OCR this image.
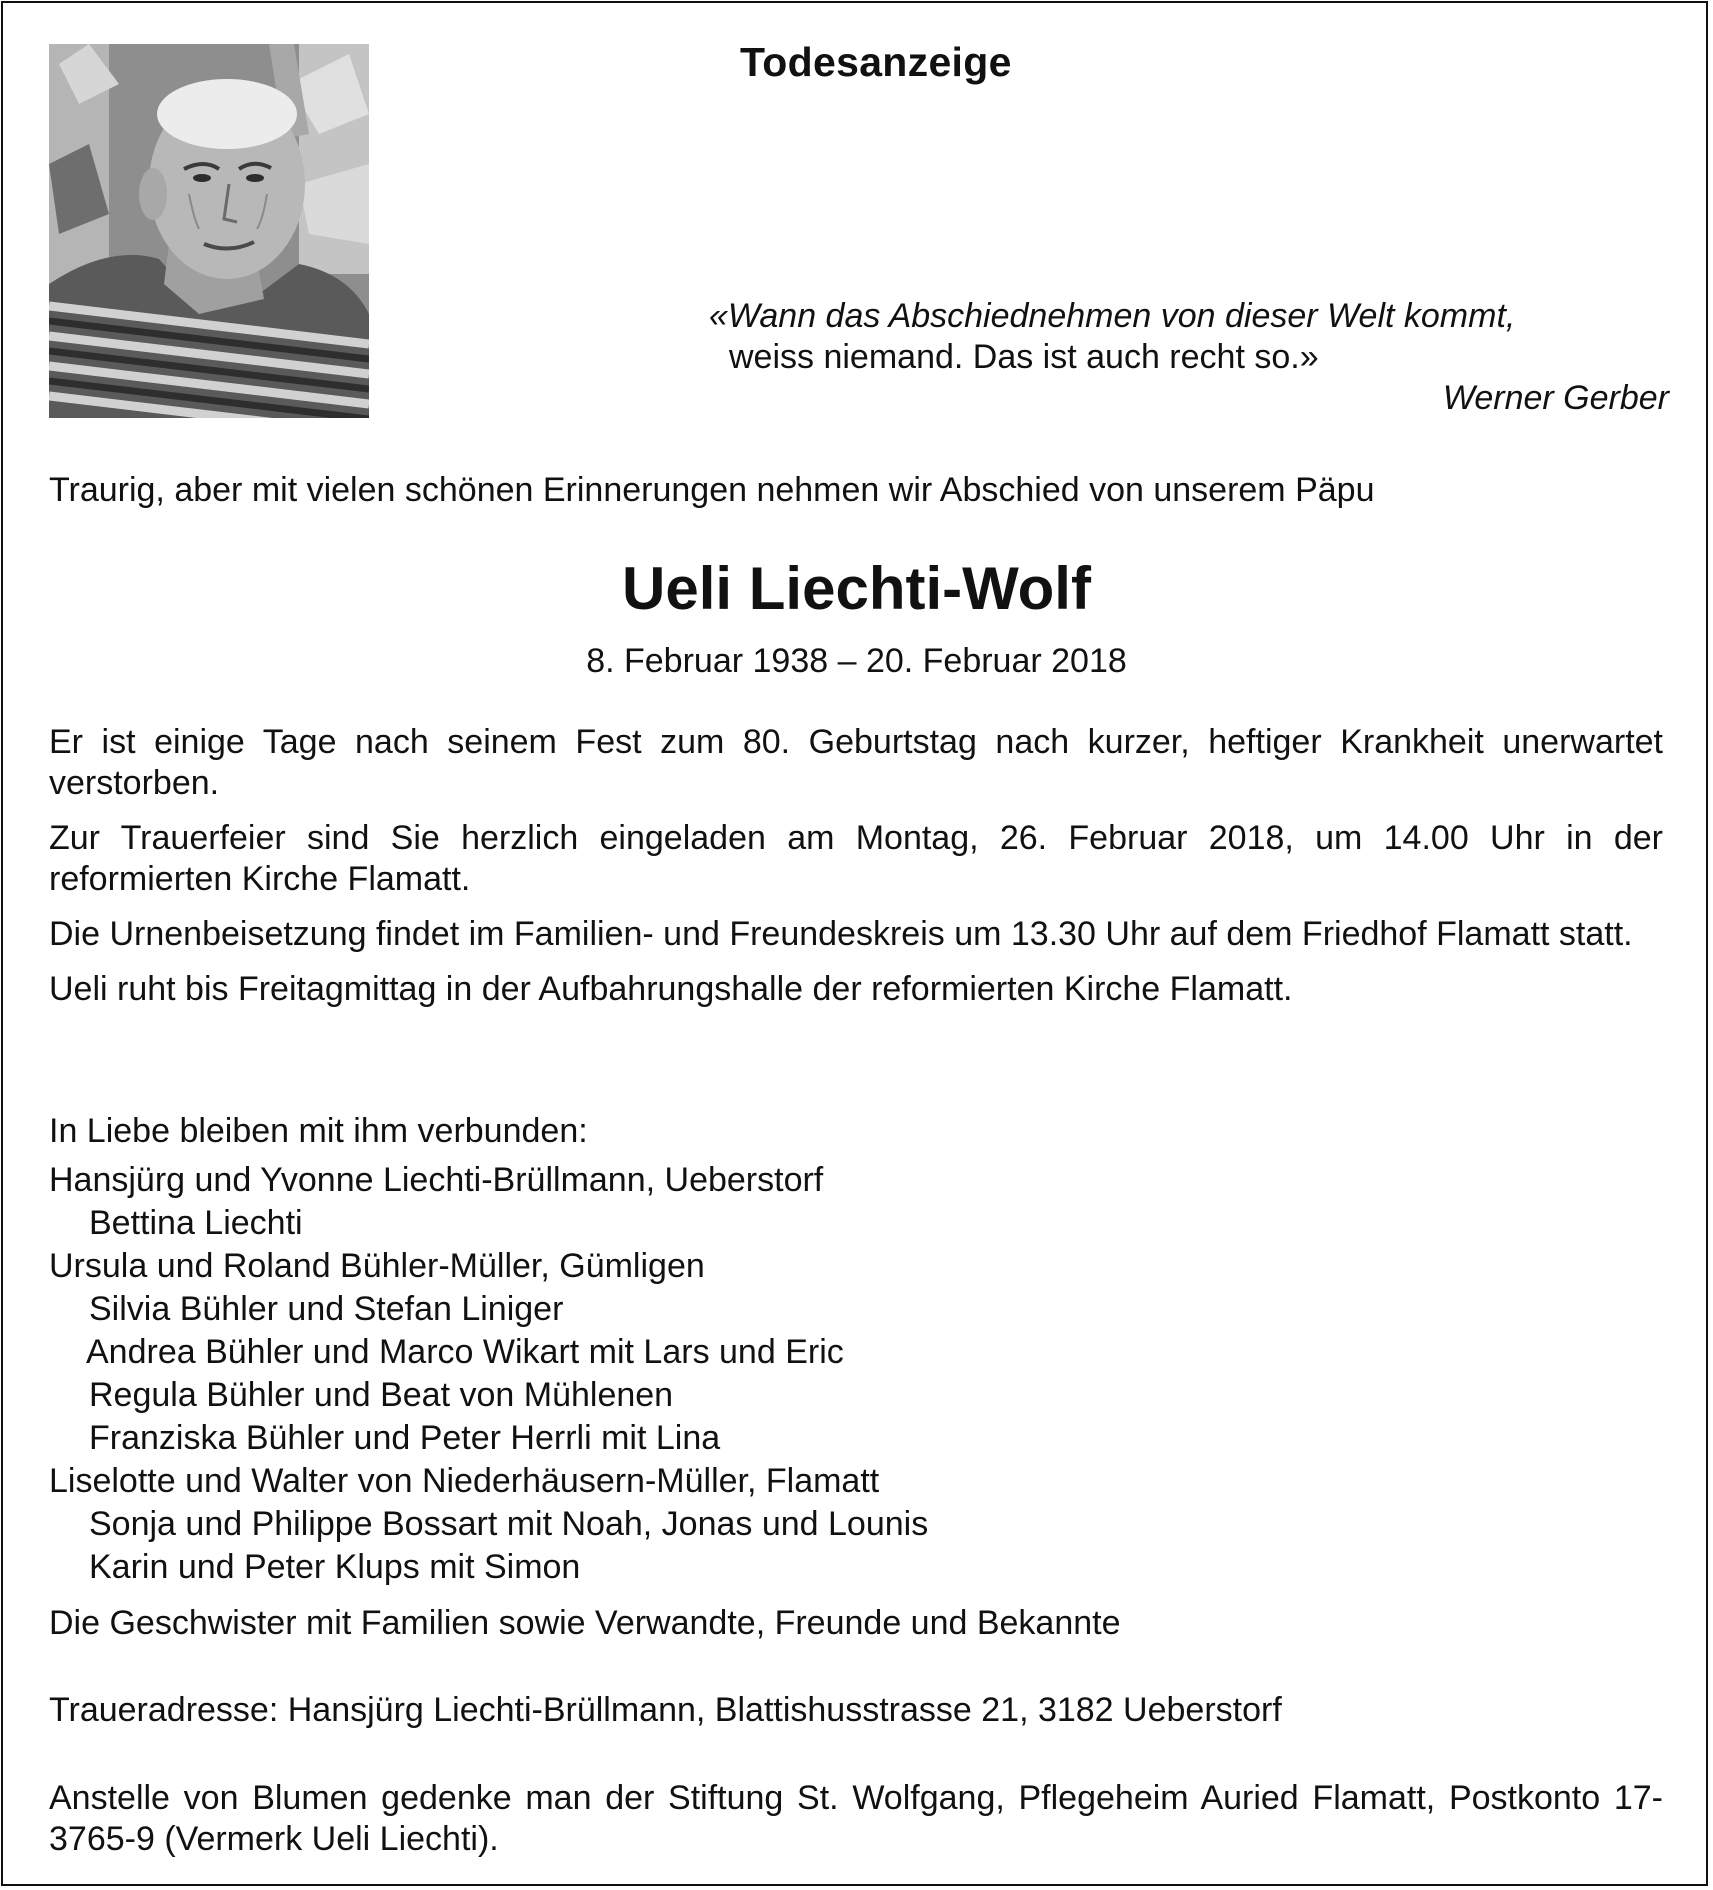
Todesanzeige
«Wann das Abschiednehmen von dieser Welt kommt,
weiss niemand. Das ist auch recht so.»
Werner Gerber
Traurig, aber mit vielen schönen Erinnerungen nehmen wir Abschied von unserem Päpu
Ueli Liechti-Wolf
8. Februar 1938 – 20. Februar 2018

Er ist einige Tage nach seinem Fest zum 80. Geburtstag nach kurzer, heftiger Krankheit unerwartet verstorben.

Zur Trauerfeier sind Sie herzlich eingeladen am Montag, 26. Februar 2018, um 14.00 Uhr in der reformierten Kirche Flamatt.

Die Urnenbeisetzung findet im Familien- und Freundeskreis um 13.30 Uhr auf dem Friedhof Flamatt statt.

Ueli ruht bis Freitagmittag in der Aufbahrungshalle der reformierten Kirche Flamatt.

In Liebe bleiben mit ihm verbunden:
Hansjürg und Yvonne Liechti-Brüllmann, Ueberstorf
Bettina Liechti
Ursula und Roland Bühler-Müller, Gümligen
Silvia Bühler und Stefan Liniger
Andrea Bühler und Marco Wikart mit Lars und Eric
Regula Bühler und Beat von Mühlenen
Franziska Bühler und Peter Herrli mit Lina
Liselotte und Walter von Niederhäusern-Müller, Flamatt
Sonja und Philippe Bossart mit Noah, Jonas und Lounis
Karin und Peter Klups mit Simon
Die Geschwister mit Familien sowie Verwandte, Freunde und Bekannte
Traueradresse: Hansjürg Liechti-Brüllmann, Blattishusstrasse 21, 3182 Ueberstorf
Anstelle von Blumen gedenke man der Stiftung St. Wolfgang, Pflegeheim Auried Flamatt, Postkonto 17-3765-9 (Vermerk Ueli Liechti).
